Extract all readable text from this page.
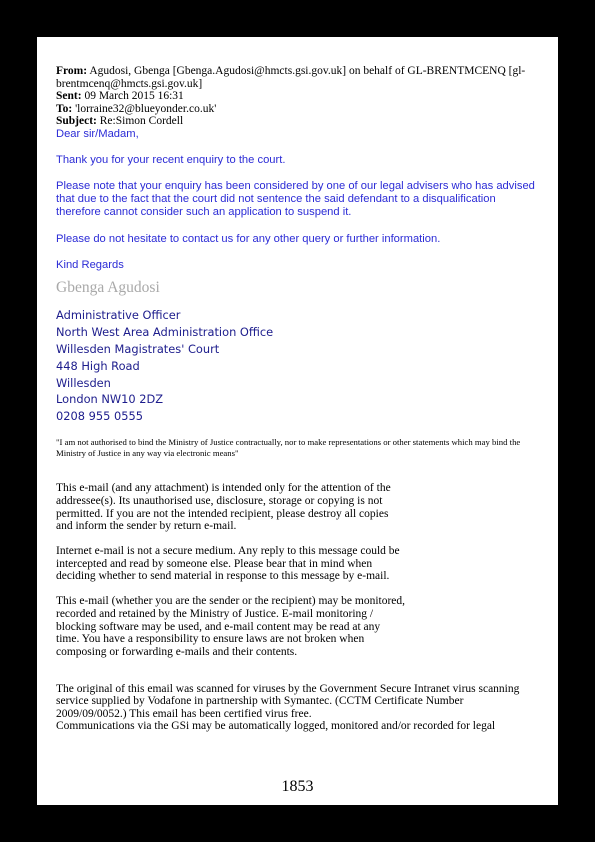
From: Agudosi, Gbenga [Gbenga.Agudosi@hmcts.gsi.gov.uk] on behalf of GL-BRENTMCENQ [gl-brentmcenq@hmcts.gsi.gov.uk]
Sent: 09 March 2015 16:31
To: 'lorraine32@blueyonder.co.uk'
Subject: Re:Simon Cordell

Dear sir/Madam,

Thank you for your recent enquiry to the court.

Please note that your enquiry has been considered by one of our legal advisers who has advised that due to the fact that the court did not sentence the said defendant to a disqualification therefore cannot consider such an application to suspend it.

Please do not hesitate to contact us for any other query or further information.

Kind Regards

Gbenga Agudosi

Administrative Officer
North West Area Administration Office
Willesden Magistrates' Court
448 High Road
Willesden
London NW10 2DZ
0208 955 0555

"I am not authorised to bind the Ministry of Justice contractually, nor to make representations or other statements which may bind the Ministry of Justice in any way via electronic means"

This e-mail (and any attachment) is intended only for the attention of the addressee(s). Its unauthorised use, disclosure, storage or copying is not permitted. If you are not the intended recipient, please destroy all copies and inform the sender by return e-mail.

Internet e-mail is not a secure medium. Any reply to this message could be intercepted and read by someone else. Please bear that in mind when deciding whether to send material in response to this message by e-mail.

This e-mail (whether you are the sender or the recipient) may be monitored, recorded and retained by the Ministry of Justice. E-mail monitoring / blocking software may be used, and e-mail content may be read at any time. You have a responsibility to ensure laws are not broken when composing or forwarding e-mails and their contents.

The original of this email was scanned for viruses by the Government Secure Intranet virus scanning service supplied by Vodafone in partnership with Symantec. (CCTM Certificate Number 2009/09/0052.) This email has been certified virus free.

Communications via the GSi may be automatically logged, monitored and/or recorded for legal

1853
